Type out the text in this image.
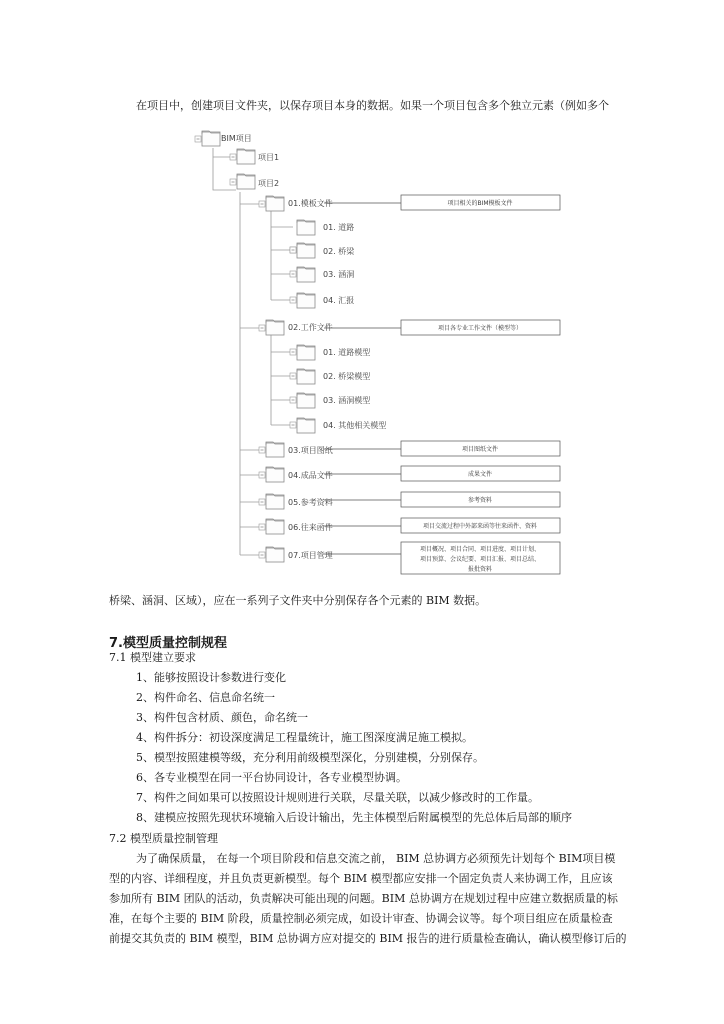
在项目中，创建项目文件夹，以保存项目本身的数据。如果一个项目包含多个独立元素（例如多个
BIM项目
项目1
项目2
01.模板文件	项目相关的BIM模板文件
01. 道路
02. 桥梁
03. 涵洞
04. 汇报
02.工作文件	项目各专业工作文件（模型等）
01. 道路模型
02. 桥梁模型
03. 涵洞模型
04. 其他相关模型
03.项目图纸	项目图纸文件
04.成品文件	成果文件
05.参考资料	参考资料
06.往来函件	项目交流过程中外部来函等往来函件、资料
07.项目管理
项目概况、项目合同、项目进度、项目计划、
项目预算、会议纪要、项目汇报、项目总结、
报批资料
桥梁、涵洞、区域），应在一系列子文件夹中分别保存各个元素的 BIM 数据。
7.模型质量控制规程
7.1 模型建立要求
1、能够按照设计参数进行变化
2、构件命名、信息命名统一
3、构件包含材质、颜色，命名统一
4、构件拆分：初设深度满足工程量统计，施工图深度满足施工模拟。
5、模型按照建模等级，充分利用前级模型深化，分别建模，分别保存。
6、各专业模型在同一平台协同设计，各专业模型协调。
7、构件之间如果可以按照设计规则进行关联，尽量关联，以减少修改时的工作量。
8、建模应按照先现状环境输入后设计输出，先主体模型后附属模型的先总体后局部的顺序
7.2 模型质量控制管理
为了确保质量， 在每一个项目阶段和信息交流之前， BIM 总协调方必须预先计划每个 BIM项目模
型的内容、详细程度，并且负责更新模型。每个 BIM 模型都应安排一个固定负责人来协调工作，且应该
参加所有 BIM 团队的活动，负责解决可能出现的问题。BIM 总协调方在规划过程中应建立数据质量的标
准，在每个主要的 BIM 阶段，质量控制必须完成，如设计审查、协调会议等。每个项目组应在质量检查
前提交其负责的 BIM 模型，BIM 总协调方应对提交的 BIM 报告的进行质量检查确认，确认模型修订后的
